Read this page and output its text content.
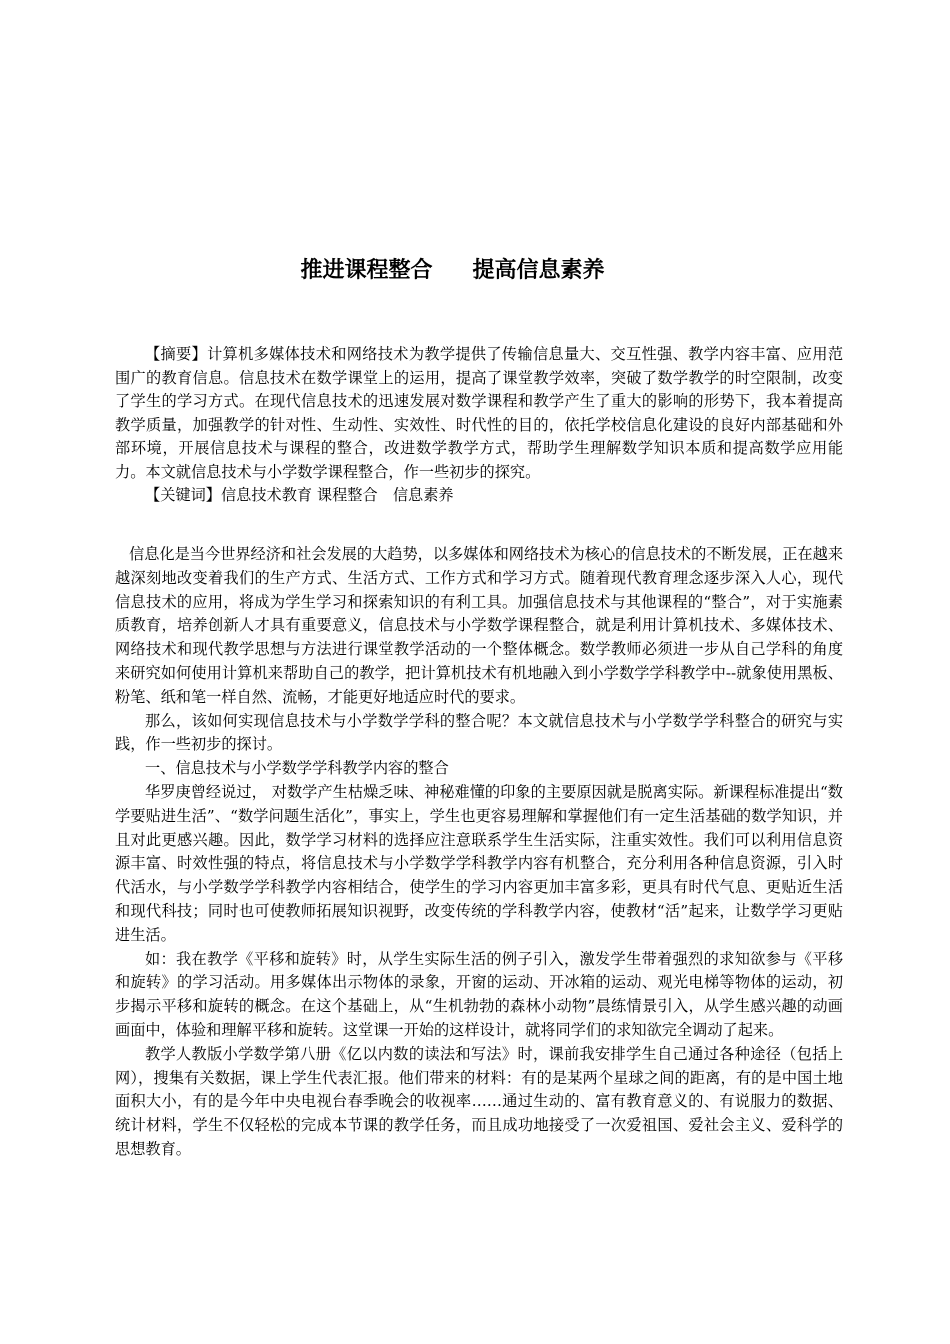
推进课程整合 提高信息素养

【摘要】计算机多媒体技术和网络技术为教学提供了传输信息量大、交互性强、教学内容丰富、应用范围广的教育信息。信息技术在数学课堂上的运用，提高了课堂教学效率，突破了数学教学的时空限制，改变了学生的学习方式。在现代信息技术的迅速发展对数学课程和教学产生了重大的影响的形势下，我本着提高教学质量，加强教学的针对性、生动性、实效性、时代性的目的，依托学校信息化建设的良好内部基础和外部环境，开展信息技术与课程的整合，改进数学教学方式，帮助学生理解数学知识本质和提高数学应用能力。本文就信息技术与小学数学课程整合，作一些初步的探究。

【关键词】信息技术教育 课程整合　信息素养

信息化是当今世界经济和社会发展的大趋势，以多媒体和网络技术为核心的信息技术的不断发展，正在越来越深刻地改变着我们的生产方式、生活方式、工作方式和学习方式。随着现代教育理念逐步深入人心，现代信息技术的应用，将成为学生学习和探索知识的有利工具。加强信息技术与其他课程的“整合”，对于实施素质教育，培养创新人才具有重要意义，信息技术与小学数学课程整合，就是利用计算机技术、多媒体技术、网络技术和现代教学思想与方法进行课堂教学活动的一个整体概念。数学教师必须进一步从自己学科的角度来研究如何使用计算机来帮助自己的教学，把计算机技术有机地融入到小学数学学科教学中--就象使用黑板、粉笔、纸和笔一样自然、流畅，才能更好地适应时代的要求。

那么，该如何实现信息技术与小学数学学科的整合呢？本文就信息技术与小学数学学科整合的研究与实践，作一些初步的探讨。

一、信息技术与小学数学学科教学内容的整合

华罗庚曾经说过， 对数学产生枯燥乏味、神秘难懂的印象的主要原因就是脱离实际。新课程标准提出“数学要贴进生活”、“数学问题生活化”，事实上，学生也更容易理解和掌握他们有一定生活基础的数学知识，并且对此更感兴趣。因此，数学学习材料的选择应注意联系学生生活实际，注重实效性。我们可以利用信息资源丰富、时效性强的特点，将信息技术与小学数学学科教学内容有机整合，充分利用各种信息资源，引入时代活水，与小学数学学科教学内容相结合，使学生的学习内容更加丰富多彩，更具有时代气息、更贴近生活和现代科技；同时也可使教师拓展知识视野，改变传统的学科教学内容，使教材“活”起来，让数学学习更贴进生活。

如：我在教学《平移和旋转》时，从学生实际生活的例子引入，激发学生带着强烈的求知欲参与《平移和旋转》的学习活动。用多媒体出示物体的录象，开窗的运动、开冰箱的运动、观光电梯等物体的运动，初步揭示平移和旋转的概念。在这个基础上，从“生机勃勃的森林小动物”晨练情景引入，从学生感兴趣的动画画面中，体验和理解平移和旋转。这堂课一开始的这样设计，就将同学们的求知欲完全调动了起来。

教学人教版小学数学第八册《亿以内数的读法和写法》时，课前我安排学生自己通过各种途径（包括上网），搜集有关数据，课上学生代表汇报。他们带来的材料：有的是某两个星球之间的距离，有的是中国土地面积大小，有的是今年中央电视台春季晚会的收视率……通过生动的、富有教育意义的、有说服力的数据、统计材料，学生不仅轻松的完成本节课的教学任务，而且成功地接受了一次爱祖国、爱社会主义、爱科学的思想教育。
